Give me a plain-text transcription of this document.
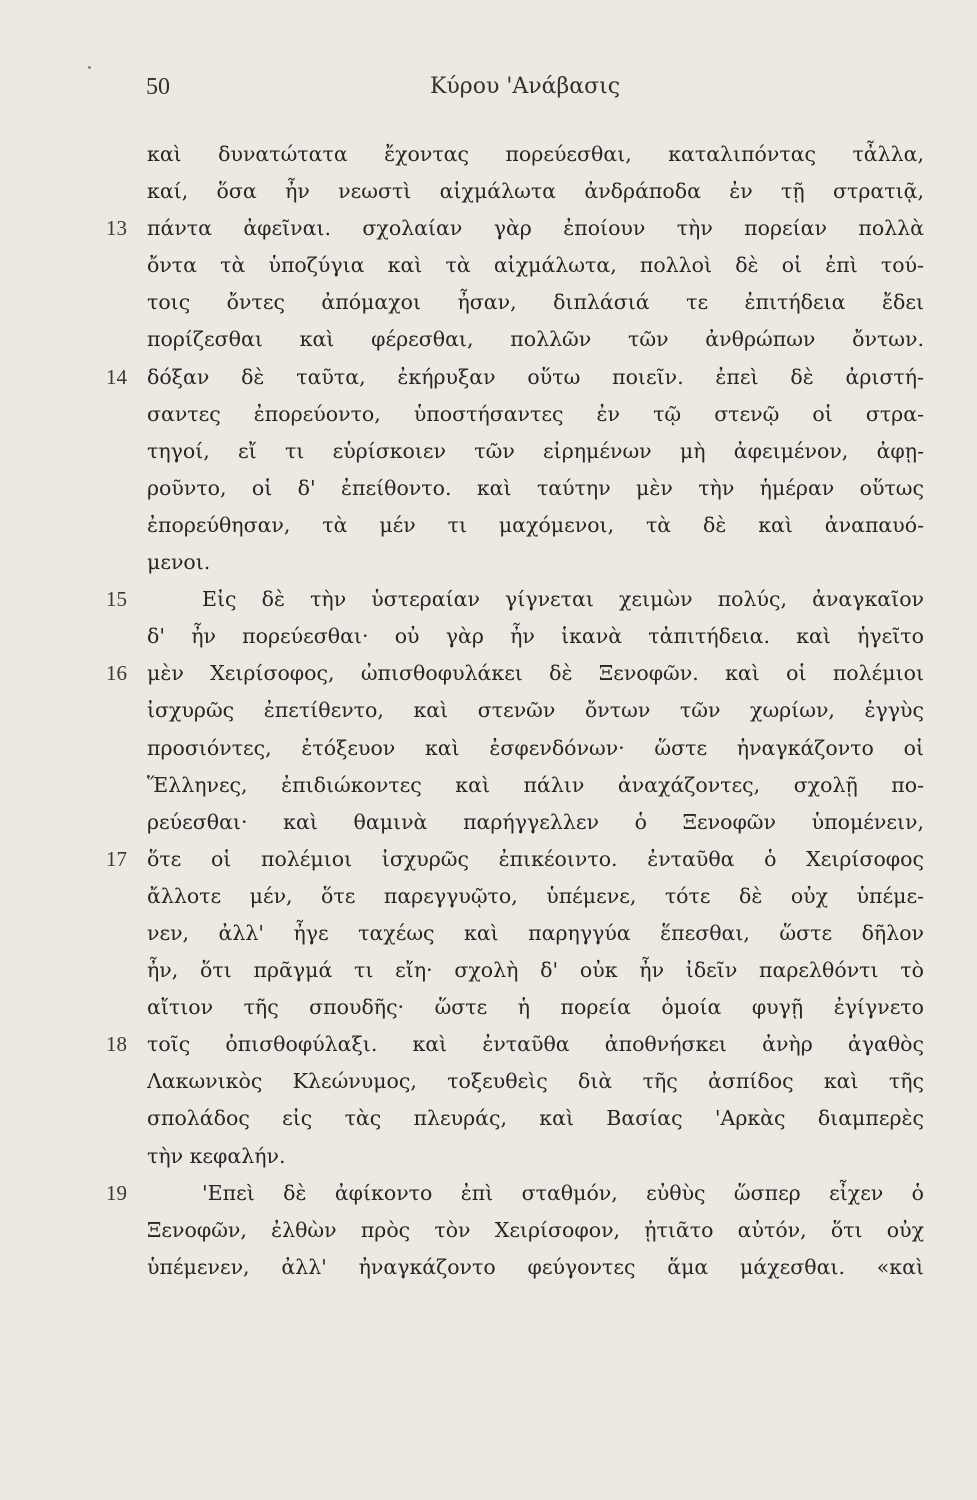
50	Κύρου 'Ανάβασις
καὶ δυνατώτατα ἔχοντας πορεύεσθαι, καταλιπόντας τἆλλα,
καί, ὅσα ἦν νεωστὶ αἰχμάλωτα ἀνδράποδα ἐν τῇ στρατιᾷ,
13 πάντα ἀφεῖναι. σχολαίαν γὰρ ἐποίουν τὴν πορείαν πολλὰ
ὄντα τὰ ὑποζύγια καὶ τὰ αἰχμάλωτα, πολλοὶ δὲ οἱ ἐπὶ τού-
τοις ὄντες ἀπόμαχοι ἦσαν, διπλάσιά τε ἐπιτήδεια ἔδει
πορίζεσθαι καὶ φέρεσθαι, πολλῶν τῶν ἀνθρώπων ὄντων.
14 δόξαν δὲ ταῦτα, ἐκήρυξαν οὕτω ποιεῖν. ἐπεὶ δὲ ἀριστή-
σαντες ἐπορεύοντο, ὑποστήσαντες ἐν τῷ στενῷ οἱ στρα-
τηγοί, εἴ τι εὑρίσκοιεν τῶν εἰρημένων μὴ ἀφειμένον, ἀφῃ-
ροῦντο, οἱ δ' ἐπείθοντο. καὶ ταύτην μὲν τὴν ἡμέραν οὕτως
ἐπορεύθησαν, τὰ μέν τι μαχόμενοι, τὰ δὲ καὶ ἀναπαυό-
μενοι.
15	Εἰς δὲ τὴν ὑστεραίαν γίγνεται χειμὼν πολύς, ἀναγκαῖον
δ' ἦν πορεύεσθαι· οὐ γὰρ ἦν ἱκανὰ τἀπιτήδεια. καὶ ἡγεῖτο
16 μὲν Χειρίσοφος, ὠπισθοφυλάκει δὲ Ξενοφῶν. καὶ οἱ πολέμιοι
ἰσχυρῶς ἐπετίθεντο, καὶ στενῶν ὄντων τῶν χωρίων, ἐγγὺς
προσιόντες, ἐτόξευον καὶ ἐσφενδόνων· ὥστε ἠναγκάζοντο οἱ
Ἕλληνες, ἐπιδιώκοντες καὶ πάλιν ἀναχάζοντες, σχολῇ πο-
ρεύεσθαι· καὶ θαμινὰ παρήγγελλεν ὁ Ξενοφῶν ὑπομένειν,
17 ὅτε οἱ πολέμιοι ἰσχυρῶς ἐπικέοιντο. ἐνταῦθα ὁ Χειρίσοφος
ἄλλοτε μέν, ὅτε παρεγγυῷτο, ὑπέμενε, τότε δὲ οὐχ ὑπέμε-
νεν, ἀλλ' ἦγε ταχέως καὶ παρηγγύα ἕπεσθαι, ὥστε δῆλον
ἦν, ὅτι πρᾶγμά τι εἴη· σχολὴ δ' οὐκ ἦν ἰδεῖν παρελθόντι τὸ
αἴτιον τῆς σπουδῆς· ὥστε ἡ πορεία ὁμοία φυγῇ ἐγίγνετο
18 τοῖς ὀπισθοφύλαξι. καὶ ἐνταῦθα ἀποθνήσκει ἀνὴρ ἀγαθὸς
Λακωνικὸς Κλεώνυμος, τοξευθεὶς διὰ τῆς ἀσπίδος καὶ τῆς
σπολάδος εἰς τὰς πλευράς, καὶ Βασίας 'Αρκὰς διαμπερὲς
τὴν κεφαλήν.
19	'Επεὶ δὲ ἀφίκοντο ἐπὶ σταθμόν, εὐθὺς ὥσπερ εἶχεν ὁ
Ξενοφῶν, ἐλθὼν πρὸς τὸν Χειρίσοφον, ᾐτιᾶτο αὐτόν, ὅτι οὐχ
ὑπέμενεν, ἀλλ' ἠναγκάζοντο φεύγοντες ἅμα μάχεσθαι. «καὶ
